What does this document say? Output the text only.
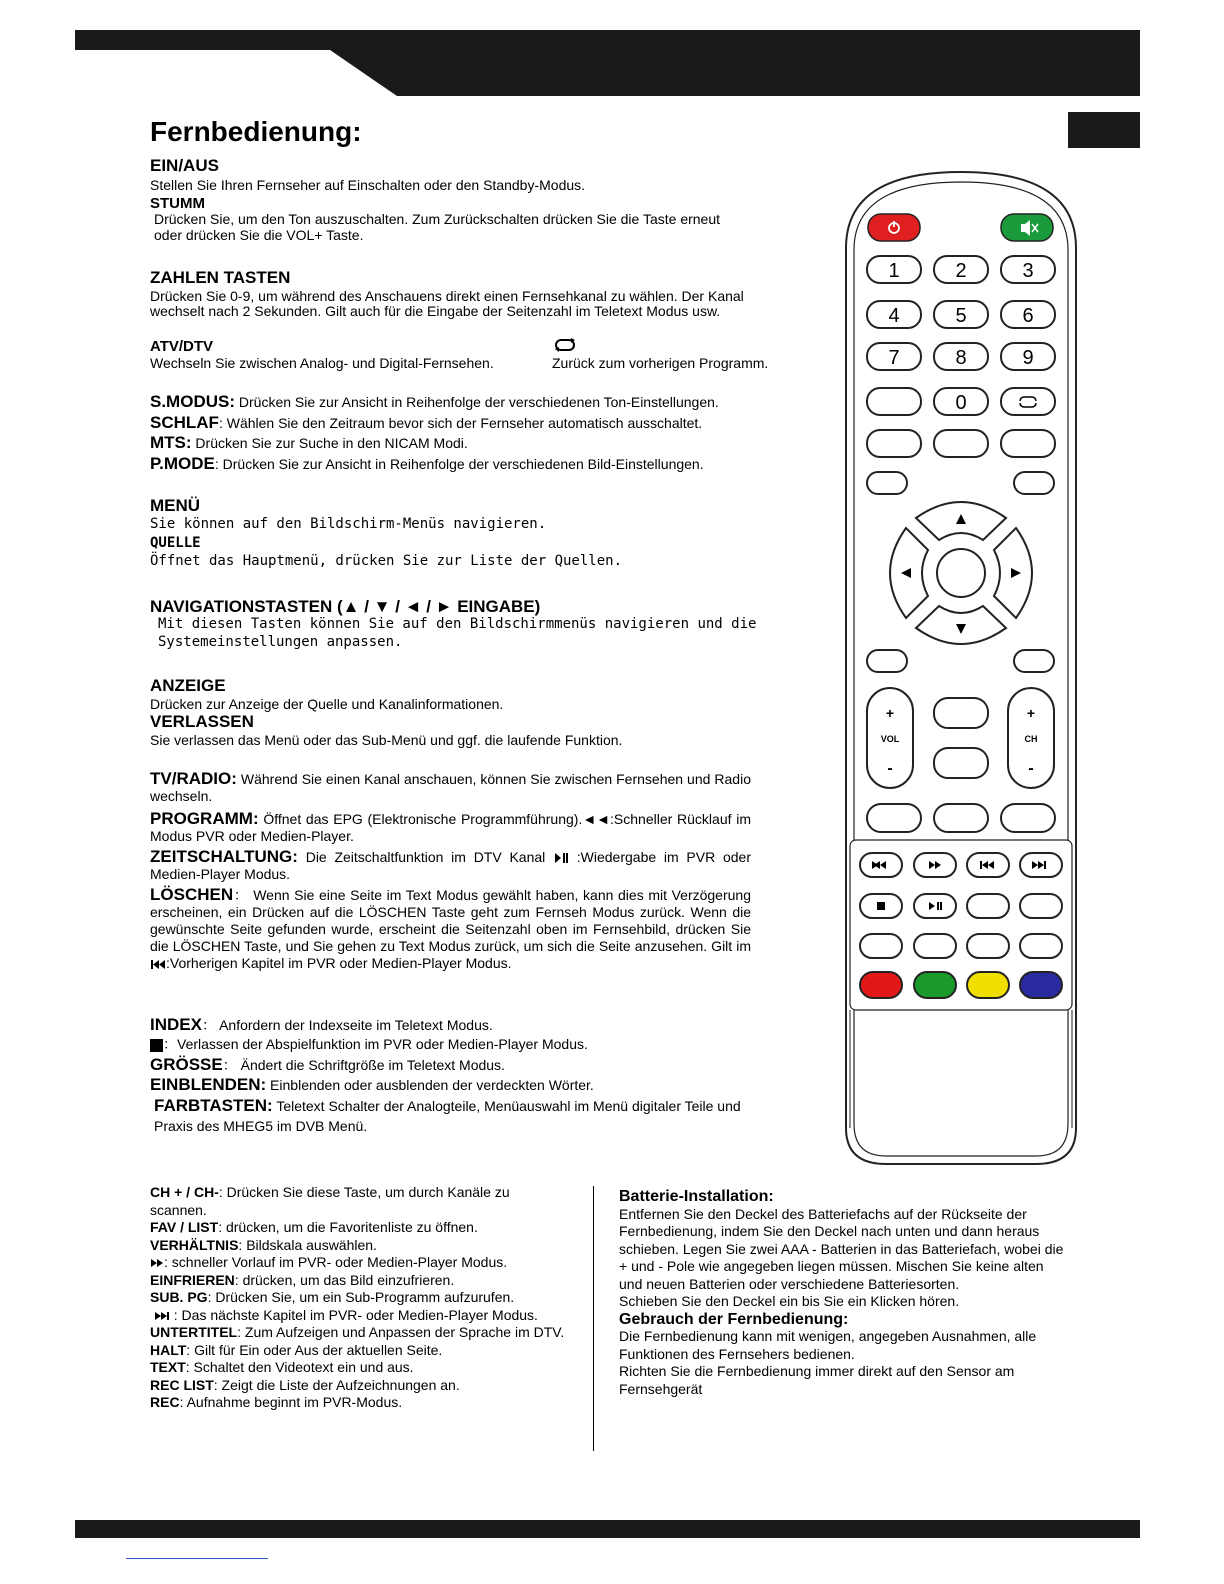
Fernbedienung:
EIN/AUS
Stellen Sie Ihren Fernseher auf Einschalten oder den Standby-Modus.
STUMM
Drücken Sie, um den Ton auszuschalten. Zum Zurückschalten drücken Sie die Taste erneut
oder drücken Sie die VOL+ Taste.
ZAHLEN TASTEN
Drücken Sie 0-9, um während des Anschauens direkt einen Fernsehkanal zu wählen. Der Kanal
wechselt nach 2 Sekunden. Gilt auch für die Eingabe der Seitenzahl im Teletext Modus usw.
ATV/DTV
Wechseln Sie zwischen Analog- und Digital-Fernsehen.	Zurück zum vorherigen Programm.
S.MODUS: Drücken Sie zur Ansicht in Reihenfolge der verschiedenen Ton-Einstellungen.
SCHLAF: Wählen Sie den Zeitraum bevor sich der Fernseher automatisch ausschaltet.
MTS: Drücken Sie zur Suche in den NICAM Modi.
P.MODE: Drücken Sie zur Ansicht in Reihenfolge der verschiedenen Bild-Einstellungen.
MENÜ
Sie können auf den Bildschirm-Menüs navigieren.
QUELLE
Öffnet das Hauptmenü, drücken Sie zur Liste der Quellen.
NAVIGATIONSTASTEN (▲ / ▼ / ◄ / ► EINGABE)
Mit diesen Tasten können Sie auf den Bildschirmmenüs navigieren und die
Systemeinstellungen anpassen.
ANZEIGE
Drücken zur Anzeige der Quelle und Kanalinformationen.
VERLASSEN
Sie verlassen das Menü oder das Sub-Menü und ggf. die laufende Funktion.
TV/RADIO: Während Sie einen Kanal anschauen, können Sie zwischen Fernsehen und Radio wechseln.
PROGRAMM: Öffnet das EPG (Elektronische Programmführung).◄◄:Schneller Rücklauf im Modus PVR oder Medien-Player.
ZEITSCHALTUNG: Die Zeitschaltfunktion im DTV Kanal  :Wiedergabe im PVR oder Medien-Player Modus.
LÖSCHEN： Wenn Sie eine Seite im Text Modus gewählt haben, kann dies mit Verzögerung erscheinen, ein Drücken auf die LÖSCHEN Taste geht zum Fernseh Modus zurück. Wenn die gewünschte Seite gefunden wurde, erscheint die Seitenzahl oben im Fernsehbild, drücken Sie die LÖSCHEN Taste, und Sie gehen zu Text Modus zurück, um sich die Seite anzusehen. Gilt im :Vorherigen Kapitel im PVR oder Medien-Player Modus.
INDEX： Anfordern der Indexseite im Teletext Modus.
：Verlassen der Abspielfunktion im PVR oder Medien-Player Modus.
GRÖSSE： Ändert die Schriftgröße im Teletext Modus.
EINBLENDEN: Einblenden oder ausblenden der verdeckten Wörter.
FARBTASTEN: Teletext Schalter der Analogteile, Menüauswahl im Menü digitaler Teile und
Praxis des MHEG5 im DVB Menü.
CH + / CH-: Drücken Sie diese Taste, um durch Kanäle zu scannen.
FAV / LIST: drücken, um die Favoritenliste zu öffnen.
VERHÄLTNIS: Bildskala auswählen.
: schneller Vorlauf im PVR- oder Medien-Player Modus.
EINFRIEREN: drücken, um das Bild einzufrieren.
SUB. PG: Drücken Sie, um ein Sub-Programm aufzurufen.
: Das nächste Kapitel im PVR- oder Medien-Player Modus.
UNTERTITEL: Zum Aufzeigen und Anpassen der Sprache im DTV.
HALT: Gilt für Ein oder Aus der aktuellen Seite.
TEXT: Schaltet den Videotext ein und aus.
REC LIST: Zeigt die Liste der Aufzeichnungen an.
REC: Aufnahme beginnt im PVR-Modus.
Batterie-Installation:
Entfernen Sie den Deckel des Batteriefachs auf der Rückseite der Fernbedienung, indem Sie den Deckel nach unten und dann heraus schieben. Legen Sie zwei AAA - Batterien in das Batteriefach, wobei die + und - Pole wie angegeben liegen müssen. Mischen Sie keine alten und neuen Batterien oder verschiedene Batteriesorten.
Schieben Sie den Deckel ein bis Sie ein Klicken hören.
Gebrauch der Fernbedienung:
Die Fernbedienung kann mit wenigen, angegeben Ausnahmen, alle Funktionen des Fernsehers bedienen.
Richten Sie die Fernbedienung immer direkt auf den Sensor am Fernsehgerät
1	2	3
4	5	6
7	8	9
0
+
VOL
-
+
CH
-
